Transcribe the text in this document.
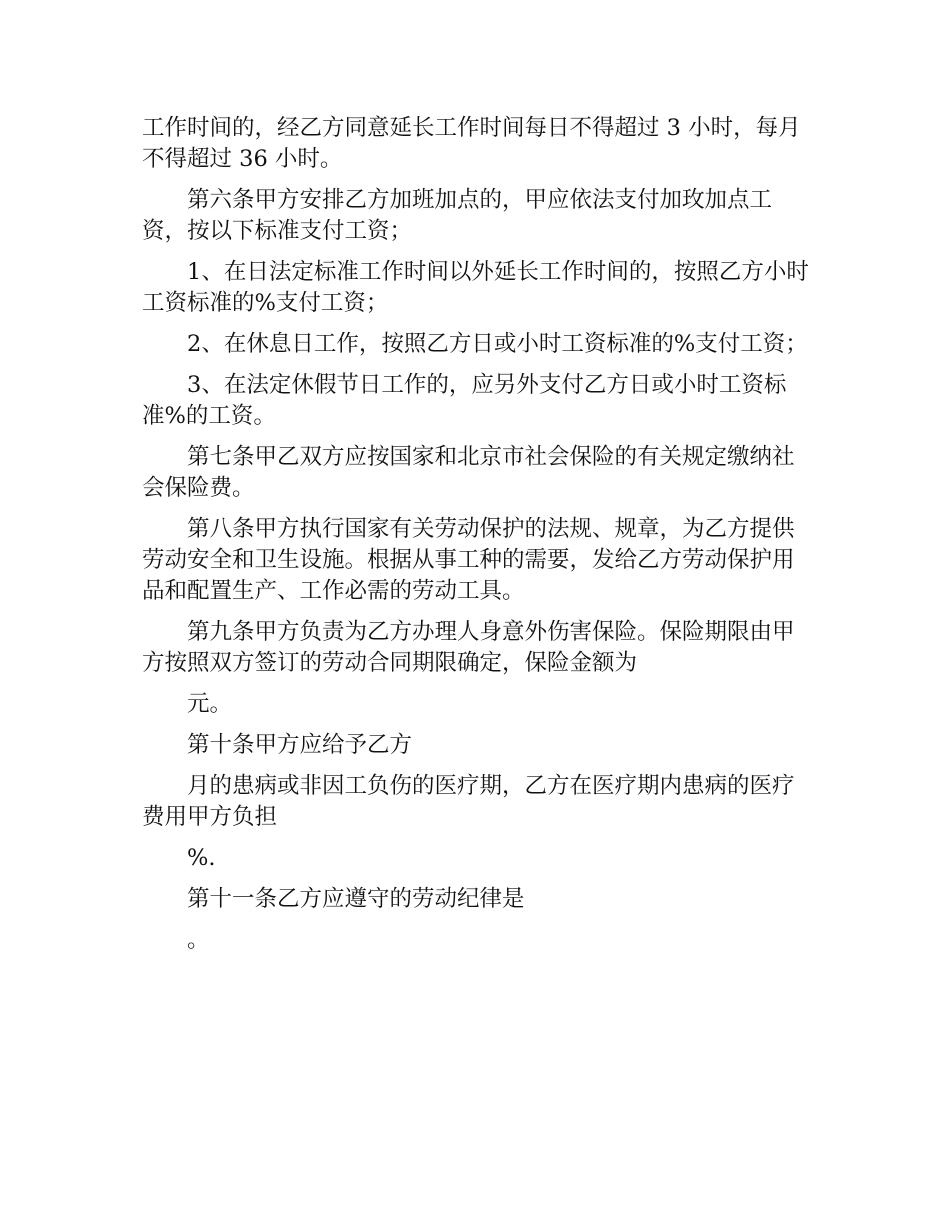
工作时间的，经乙方同意延长工作时间每日不得超过 3 小时，每月不得超过 36 小时。

第六条甲方安排乙方加班加点的，甲应依法支付加玫加点工资，按以下标准支付工资；

1、在日法定标准工作时间以外延长工作时间的，按照乙方小时工资标准的%支付工资；

2、在休息日工作，按照乙方日或小时工资标准的%支付工资；

3、在法定休假节日工作的，应另外支付乙方日或小时工资标准%的工资。

第七条甲乙双方应按国家和北京市社会保险的有关规定缴纳社会保险费。

第八条甲方执行国家有关劳动保护的法规、规章，为乙方提供劳动安全和卫生设施。根据从事工种的需要，发给乙方劳动保护用品和配置生产、工作必需的劳动工具。

第九条甲方负责为乙方办理人身意外伤害保险。保险期限由甲方按照双方签订的劳动合同期限确定，保险金额为

元。

第十条甲方应给予乙方

月的患病或非因工负伤的医疗期，乙方在医疗期内患病的医疗费用甲方负担

%.

第十一条乙方应遵守的劳动纪律是

。
